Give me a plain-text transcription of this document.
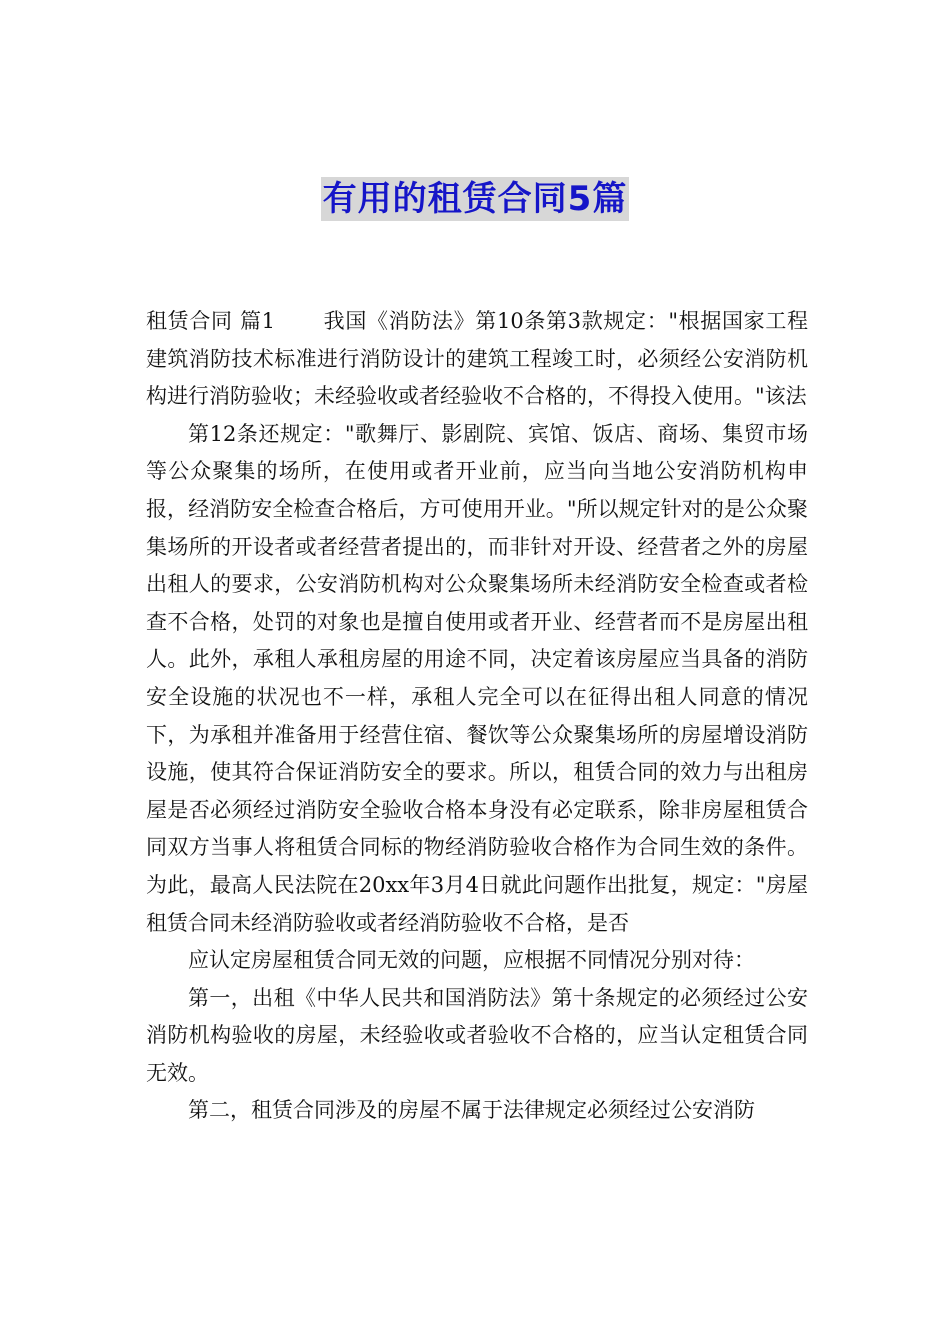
有用的租赁合同5篇

租赁合同 篇1 我国《消防法》第10条第3款规定："根据国家工程建筑消防技术标准进行消防设计的建筑工程竣工时，必须经公安消防机构进行消防验收；未经验收或者经验收不合格的，不得投入使用。"该法

第12条还规定："歌舞厅、影剧院、宾馆、饭店、商场、集贸市场等公众聚集的场所，在使用或者开业前，应当向当地公安消防机构申报，经消防安全检查合格后，方可使用开业。"所以规定针对的是公众聚集场所的开设者或者经营者提出的，而非针对开设、经营者之外的房屋出租人的要求，公安消防机构对公众聚集场所未经消防安全检查或者检查不合格，处罚的对象也是擅自使用或者开业、经营者而不是房屋出租人。此外，承租人承租房屋的用途不同，决定着该房屋应当具备的消防安全设施的状况也不一样，承租人完全可以在征得出租人同意的情况下，为承租并准备用于经营住宿、餐饮等公众聚集场所的房屋增设消防设施，使其符合保证消防安全的要求。所以，租赁合同的效力与出租房屋是否必须经过消防安全验收合格本身没有必定联系，除非房屋租赁合同双方当事人将租赁合同标的物经消防验收合格作为合同生效的条件。为此，最高人民法院在20xx年3月4日就此问题作出批复，规定："房屋租赁合同未经消防验收或者经消防验收不合格，是否

应认定房屋租赁合同无效的问题，应根据不同情况分别对待：

第一，出租《中华人民共和国消防法》第十条规定的必须经过公安消防机构验收的房屋，未经验收或者验收不合格的，应当认定租赁合同无效。

第二，租赁合同涉及的房屋不属于法律规定必须经过公安消防
